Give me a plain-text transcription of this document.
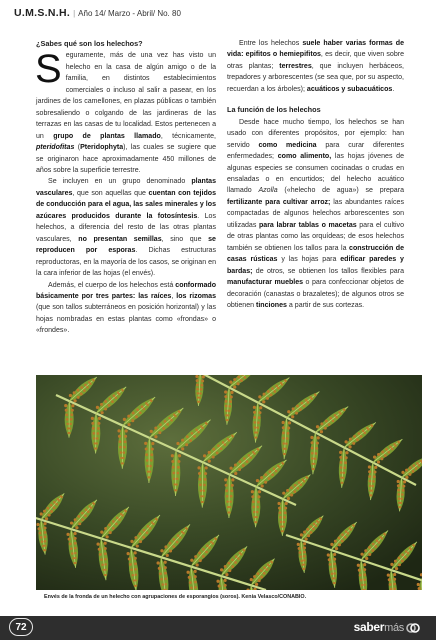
U.M.S.N.H. | Año 14/ Marzo - Abril/ No. 80
¿Sabes qué son los helechos?

Seguramente, más de una vez has visto un helecho en la casa de algún amigo o de la familia, en distintos establecimientos comerciales o incluso al salir a pasear, en los jardines de los camellones, en plazas públicas o también sobresaliendo o colgando de las jardineras de las terrazas en las casas de tu localidad. Estos pertenecen a un grupo de plantas llamado, técnicamente, pteridofitas (Pteridophyta), las cuales se sugiere que se originaron hace aproximadamente 450 millones de años sobre la superficie terrestre.

Se incluyen en un grupo denominado plantas vasculares, que son aquellas que cuentan con tejidos de conducción para el agua, las sales minerales y los azúcares producidos durante la fotosíntesis. Los helechos, a diferencia del resto de las otras plantas vasculares, no presentan semillas, sino que se reproducen por esporas. Dichas estructuras reproductoras, en la mayoría de los casos, se originan en la cara inferior de las hojas (el envés).

Además, el cuerpo de los helechos está conformado básicamente por tres partes: las raíces, los rizomas (que son tallos subterráneos en posición horizontal) y las hojas nombradas en estas plantas como «frondas» o «frondes».

Entre los helechos suele haber varias formas de vida: epifitos o hemiepifitos, es decir, que viven sobre otras plantas; terrestres, que incluyen herbáceos, trepadores y arborescentes (se sea que, por su aspecto, recuerdan a los árboles); acuáticos y subacuáticos.

La función de los helechos

Desde hace mucho tiempo, los helechos se han usado con diferentes propósitos, por ejemplo: han servido como medicina para curar diferentes enfermedades; como alimento, las hojas jóvenes de algunas especies se consumen cocinadas o crudas en ensaladas o en encurtidos; del helecho acuático llamado Azolla («helecho de agua») se prepara fertilizante para cultivar arroz; las abundantes raíces compactadas de algunos helechos arborescentes son utilizadas para labrar tablas o macetas para el cultivo de otras plantas como las orquídeas; de esos helechos también se obtienen los tallos para la construcción de casas rústicas y las hojas para edificar paredes y bardas; de otros, se obtienen los tallos flexibles para manufacturar muebles o para confeccionar objetos de decoración (canastas o brazaletes); de algunos otros se obtienen tinciones a partir de sus cortezas.

Envés de la fronda de un helecho con agrupaciones de esporangios (soros). Kenia Velasco/CONABIO.
72	sabermás
